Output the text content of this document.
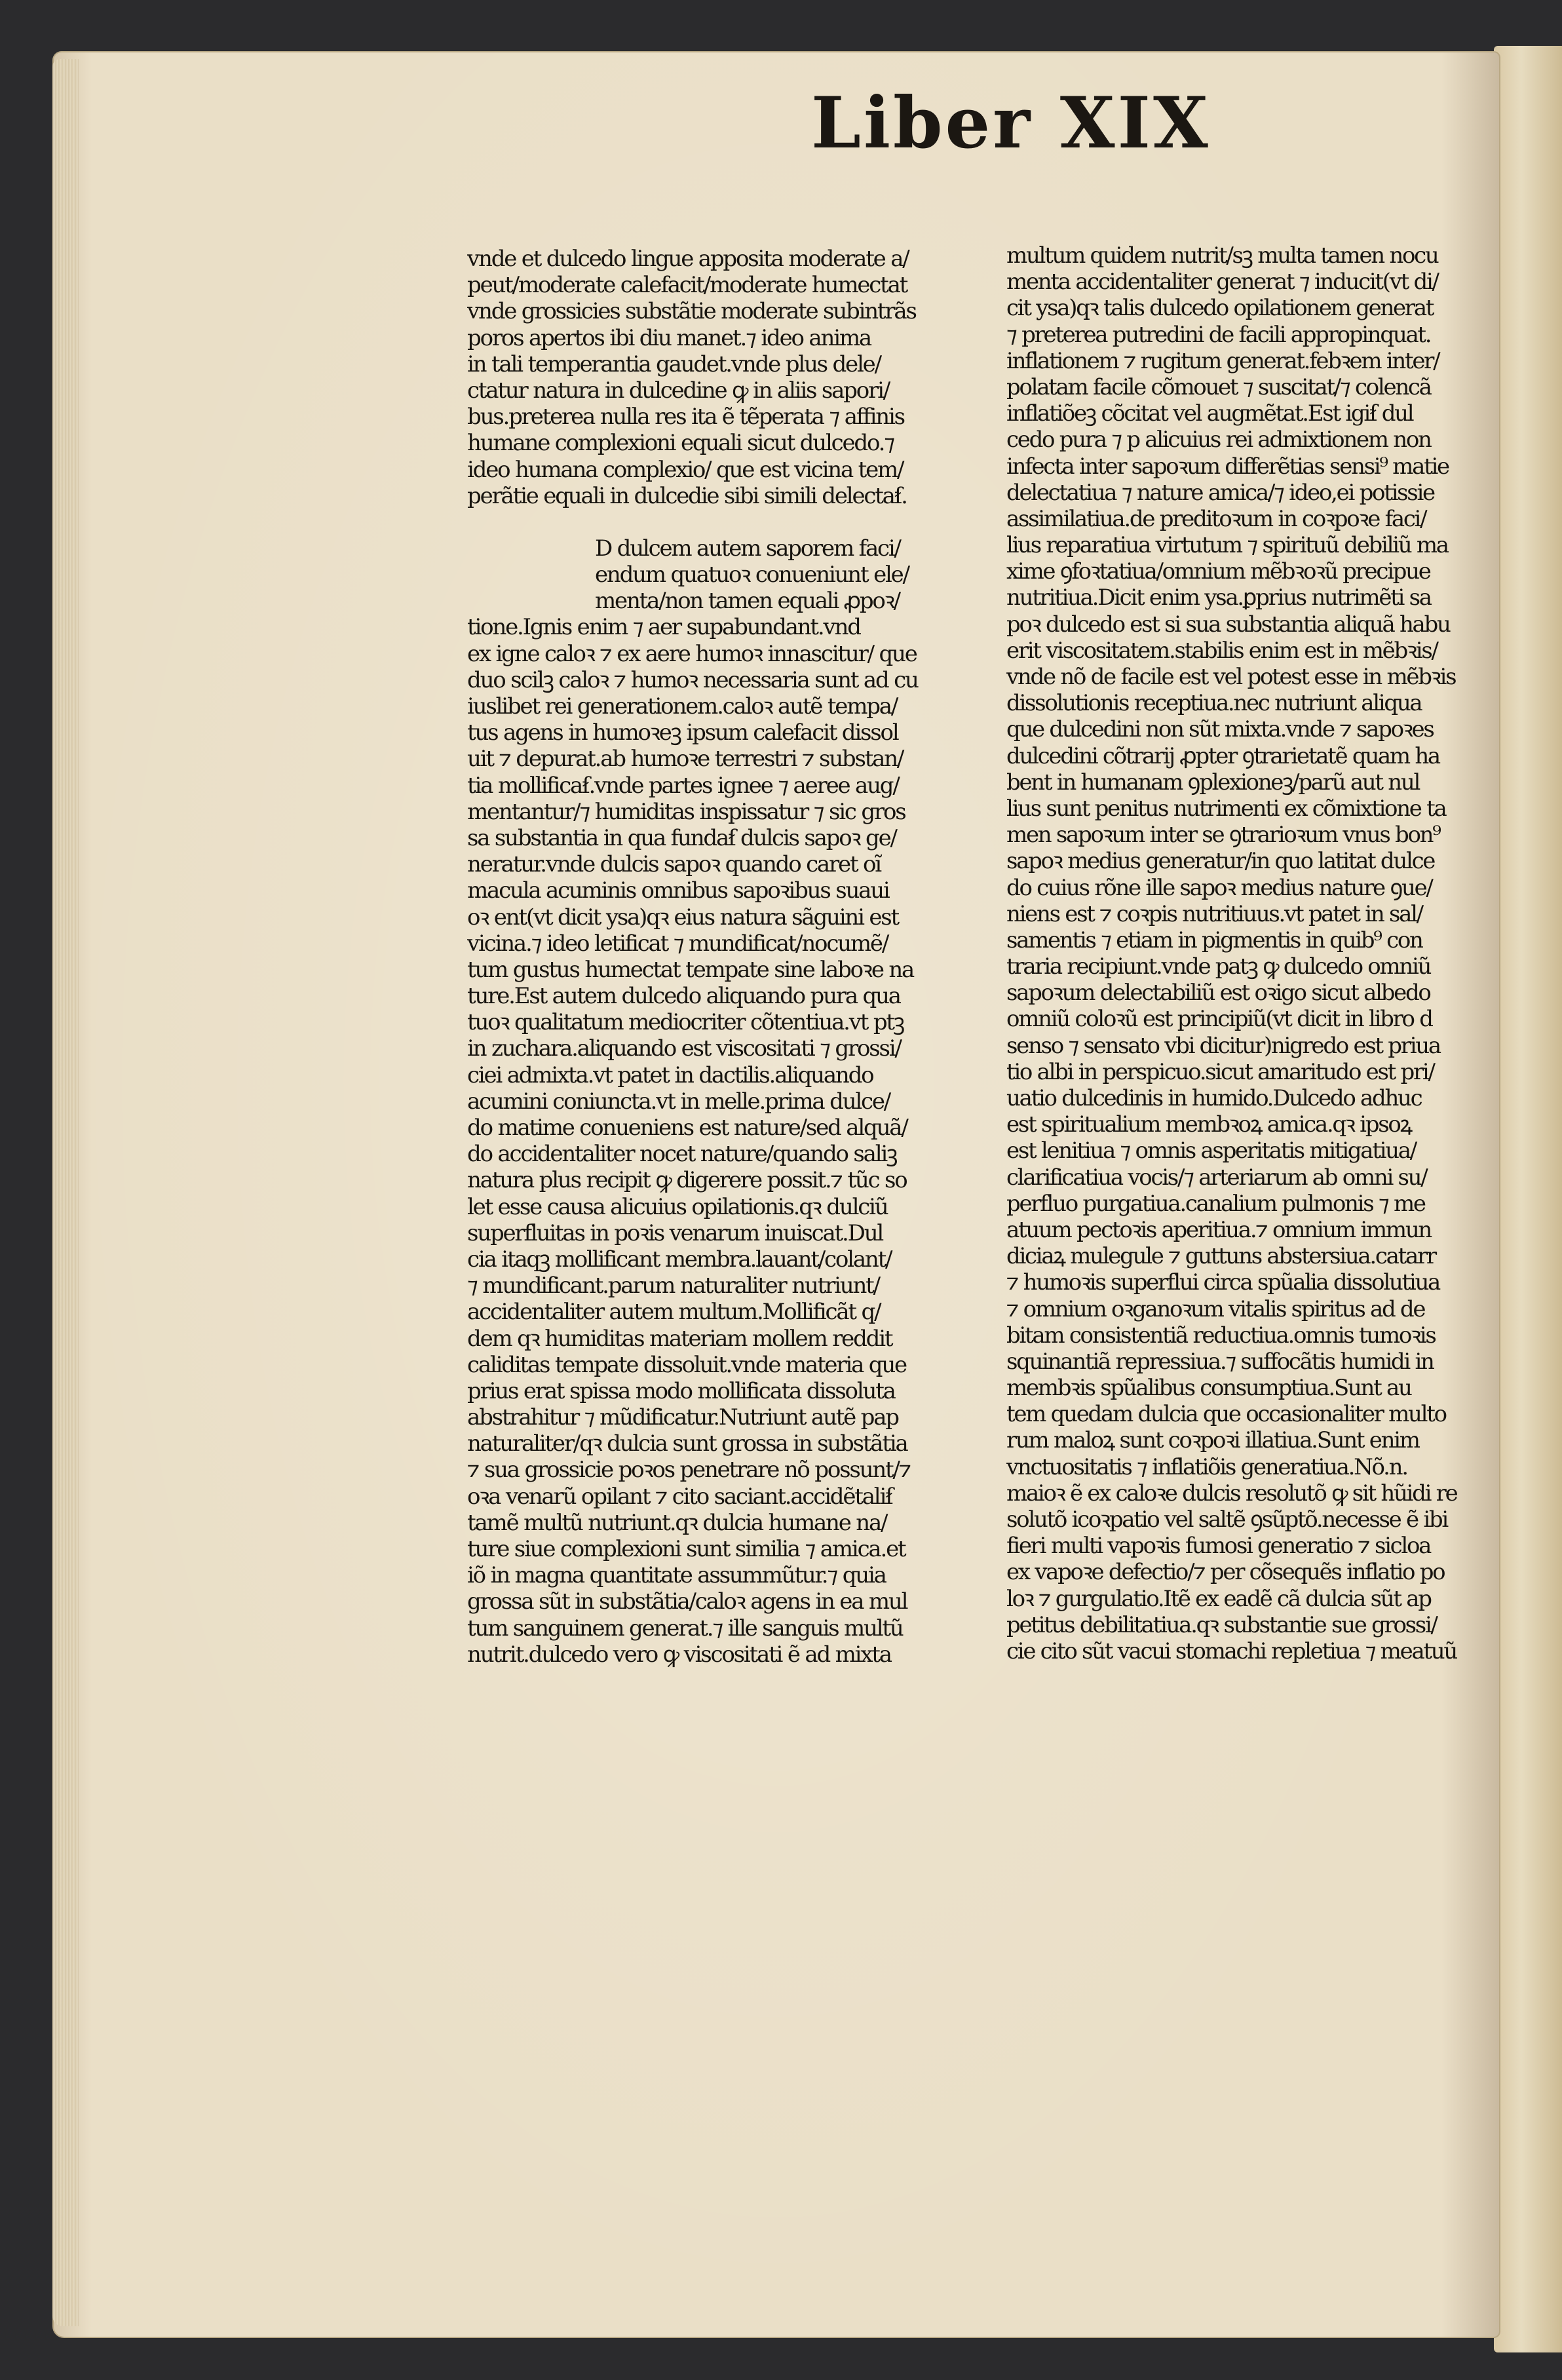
Liber XIX
vnde et dulcedo lingue apposita moderate a/
peut/moderate calefacit/moderate humectat
vnde grossicies substãtie moderate subintrãs
poros apertos ibi diu manet.⁊ ideo anima
in tali temperantia gaudet.vnde plus dele/
ctatur natura in dulcedine ꝙ in aliis sapori/
bus.preterea nulla res ita ẽ tẽperata ⁊ affinis
humane complexioni equali sicut dulcedo.⁊
ideo humana complexio/ que est vicina tem/
perãtie equali in dulcedie sibi simili delectaẜ.
D dulcem autem saporem faci/
endum quatuoꝛ conueniunt ele/
menta/non tamen equali ꝓpoꝛ/
tione.Ignis enim ⁊ aer supabundant.vnd
ex igne caloꝛ ⁊ ex aere humoꝛ innascitur/ que
duo scilꝫ caloꝛ ⁊ humoꝛ necessaria sunt ad cu
iuslibet rei generationem.caloꝛ autẽ tempa/
tus agens in humoꝛeꝫ ipsum calefacit dissol
uit ⁊ depurat.ab humoꝛe terrestri ⁊ substan/
tia mollificaẜ.vnde partes ignee ⁊ aeree aug/
mentantur/⁊ humiditas inspissatur ⁊ sic gros
sa substantia in qua fundaẜ dulcis sapoꝛ ge/
neratur.vnde dulcis sapoꝛ quando caret oĩ
macula acuminis omnibus sapoꝛibus suaui
oꝛ ent(vt dicit ysa)qꝛ eius natura sãguini est
vicina.⁊ ideo letificat ⁊ mundificat/nocumẽ/
tum gustus humectat tempate sine laboꝛe na
ture.Est autem dulcedo aliquando pura qua
tuoꝛ qualitatum mediocriter cõtentiua.vt ptꝫ
in zuchara.aliquando est viscositati ⁊ grossi/
ciei admixta.vt patet in dactilis.aliquando
acumini coniuncta.vt in melle.prima dulce/
do matime conueniens est nature/sed alquã/
do accidentaliter nocet nature/quando saliꝫ
natura plus recipit ꝙ digerere possit.⁊ tũc so
let esse causa alicuius opilationis.qꝛ dulciũ
superfluitas in poꝛis venarum inuiscat.Dul
cia itaqꝫ mollificant membra.lauant/colant/
⁊ mundificant.parum naturaliter nutriunt/
accidentaliter autem multum.Mollificãt q/
dem qꝛ humiditas materiam mollem reddit
caliditas tempate dissoluit.vnde materia que
prius erat spissa modo mollificata dissoluta
abstrahitur ⁊ mũdificatur.Nutriunt autẽ pap
naturaliter/qꝛ dulcia sunt grossa in substãtia
⁊ sua grossicie poꝛos penetrare nõ possunt/⁊
oꝛa venarũ opilant ⁊ cito saciant.accidẽtaliẜ
tamẽ multũ nutriunt.qꝛ dulcia humane na/
ture siue complexioni sunt similia ⁊ amica.et
iõ in magna quantitate assummũtur.⁊ quia
grossa sũt in substãtia/caloꝛ agens in ea mul
tum sanguinem generat.⁊ ille sanguis multũ
nutrit.dulcedo vero ꝙ viscositati ẽ ad mixta
multum quidem nutrit/sꝫ multa tamen nocu
menta accidentaliter generat ⁊ inducit(vt di/
cit ysa)qꝛ talis dulcedo opilationem generat
⁊ preterea putredini de facili appropinquat.
inflationem ⁊ rugitum generat.febꝛem inter/
polatam facile cõmouet ⁊ suscitat/⁊ colencã
inflatiõeꝫ cõcitat vel augmẽtat.Est igiẜ dul
cedo pura ⁊ p alicuius rei admixtionem non
infecta inter sapoꝛum differẽtias sensi⁹ matie
delectatiua ⁊ nature amica/⁊ ideo,ei potissie
assimilatiua.de preditoꝛum in coꝛpoꝛe faci/
lius reparatiua virtutum ⁊ spirituũ debiliũ ma
xime ꝯfoꝛtatiua/omnium mẽbꝛoꝛũ precipue
nutritiua.Dicit enim ysa.ꝑprius nutrimẽti sa
poꝛ dulcedo est si sua substantia aliquã habu
erit viscositatem.stabilis enim est in mẽbꝛis/
vnde nõ de facile est vel potest esse in mẽbꝛis
dissolutionis receptiua.nec nutriunt aliqua
que dulcedini non sũt mixta.vnde ⁊ sapoꝛes
dulcedini cõtrarij ꝓpter ꝯtrarietatẽ quam ha
bent in humanam ꝯplexioneꝫ/parũ aut nul
lius sunt penitus nutrimenti ex cõmixtione ta
men sapoꝛum inter se ꝯtrarioꝛum vnus bon⁹
sapoꝛ medius generatur/in quo latitat dulce
do cuius rõne ille sapoꝛ medius nature ꝯue/
niens est ⁊ coꝛpis nutritiuus.vt patet in sal/
samentis ⁊ etiam in pigmentis in quib⁹ con
traria recipiunt.vnde patꝫ ꝙ dulcedo omniũ
sapoꝛum delectabiliũ est oꝛigo sicut albedo
omniũ coloꝛũ est principiũ(vt dicit in libro d
senso ⁊ sensato vbi dicitur)nigredo est priua
tio albi in perspicuo.sicut amaritudo est pri/
uatio dulcedinis in humido.Dulcedo adhuc
est spiritualium membꝛoꝝ amica.qꝛ ipsoꝝ
est lenitiua ⁊ omnis asperitatis mitigatiua/
clarificatiua vocis/⁊ arteriarum ab omni su/
perfluo purgatiua.canalium pulmonis ⁊ me
atuum pectoꝛis aperitiua.⁊ omnium immun
diciaꝝ mulegule ⁊ guttuns abstersiua.catarr
⁊ humoꝛis superflui circa spũalia dissolutiua
⁊ omnium oꝛganoꝛum vitalis spiritus ad de
bitam consistentiã reductiua.omnis tumoꝛis
squinantiã repressiua.⁊ suffocãtis humidi in
membꝛis spũalibus consumptiua.Sunt au
tem quedam dulcia que occasionaliter multo
rum maloꝝ sunt coꝛpoꝛi illatiua.Sunt enim
vnctuositatis ⁊ inflatiõis generatiua.Nõ.n.
maioꝛ ẽ ex caloꝛe dulcis resolutõ ꝙ sit hũidi re
solutõ icoꝛpatio vel saltẽ ꝯsũptõ.necesse ẽ ibi
fieri multi vapoꝛis fumosi generatio ⁊ sicloa
ex vapoꝛe defectio/⁊ per cõsequẽs inflatio po
loꝛ ⁊ gurgulatio.Itẽ ex eadẽ cã dulcia sũt ap
petitus debilitatiua.qꝛ substantie sue grossi/
cie cito sũt vacui stomachi repletiua ⁊ meatuũ
